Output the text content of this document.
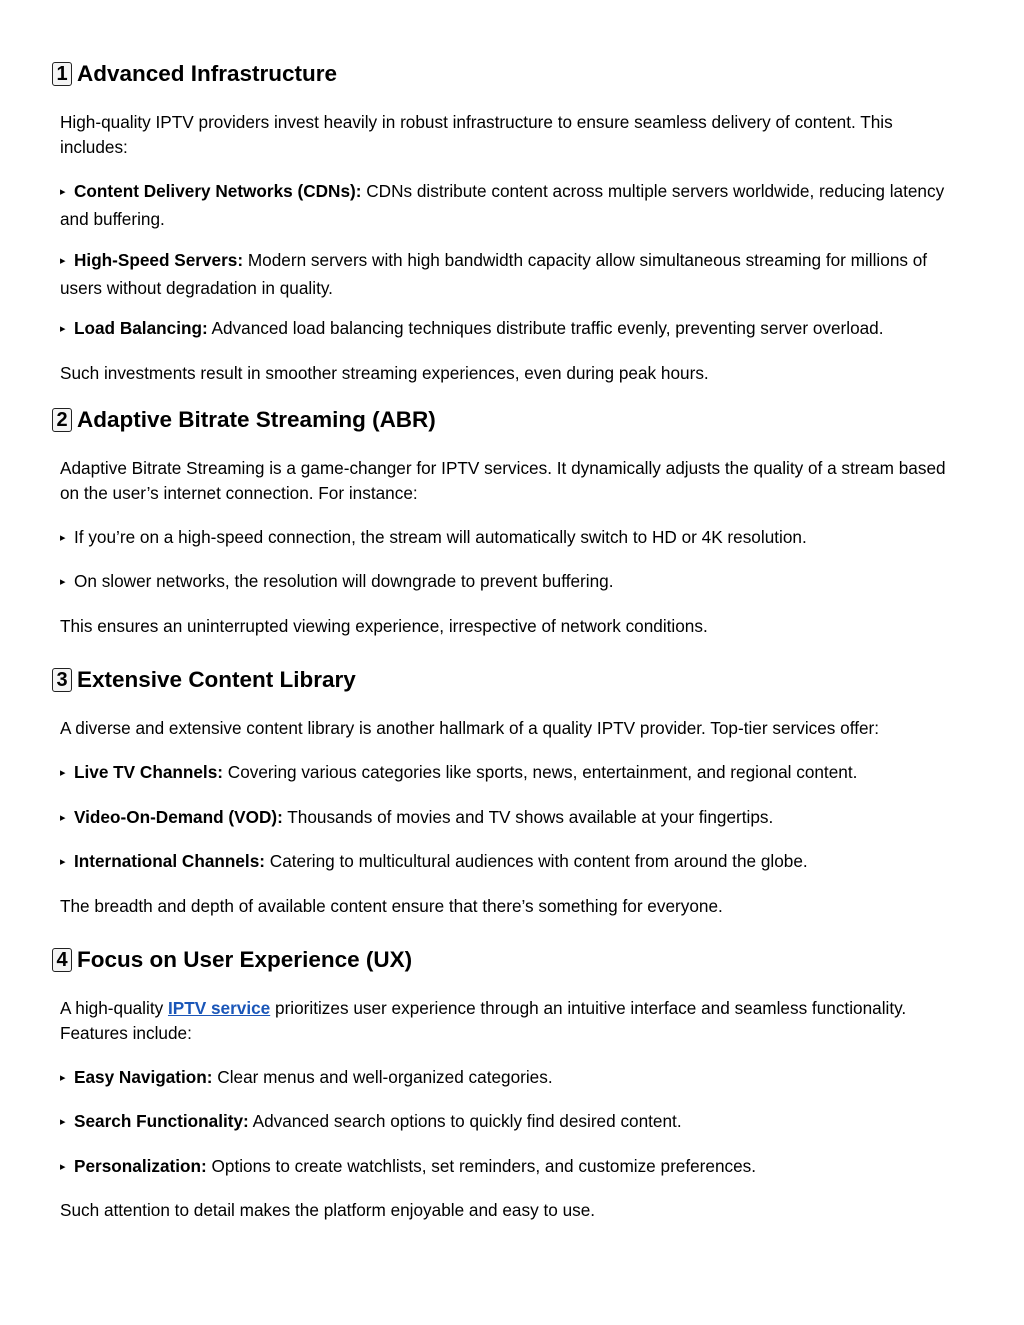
1 Advanced Infrastructure

High-quality IPTV providers invest heavily in robust infrastructure to ensure seamless delivery of content. This includes:

▸ Content Delivery Networks (CDNs): CDNs distribute content across multiple servers worldwide, reducing latency and buffering.

▸ High-Speed Servers: Modern servers with high bandwidth capacity allow simultaneous streaming for millions of users without degradation in quality.

▸ Load Balancing: Advanced load balancing techniques distribute traffic evenly, preventing server overload.

Such investments result in smoother streaming experiences, even during peak hours.

2 Adaptive Bitrate Streaming (ABR)

Adaptive Bitrate Streaming is a game-changer for IPTV services. It dynamically adjusts the quality of a stream based on the user’s internet connection. For instance:

▸ If you’re on a high-speed connection, the stream will automatically switch to HD or 4K resolution.

▸ On slower networks, the resolution will downgrade to prevent buffering.

This ensures an uninterrupted viewing experience, irrespective of network conditions.

3 Extensive Content Library

A diverse and extensive content library is another hallmark of a quality IPTV provider. Top-tier services offer:

▸ Live TV Channels: Covering various categories like sports, news, entertainment, and regional content.

▸ Video-On-Demand (VOD): Thousands of movies and TV shows available at your fingertips.

▸ International Channels: Catering to multicultural audiences with content from around the globe.

The breadth and depth of available content ensure that there’s something for everyone.

4 Focus on User Experience (UX)

A high-quality IPTV service prioritizes user experience through an intuitive interface and seamless functionality. Features include:

▸ Easy Navigation: Clear menus and well-organized categories.

▸ Search Functionality: Advanced search options to quickly find desired content.

▸ Personalization: Options to create watchlists, set reminders, and customize preferences.

Such attention to detail makes the platform enjoyable and easy to use.
